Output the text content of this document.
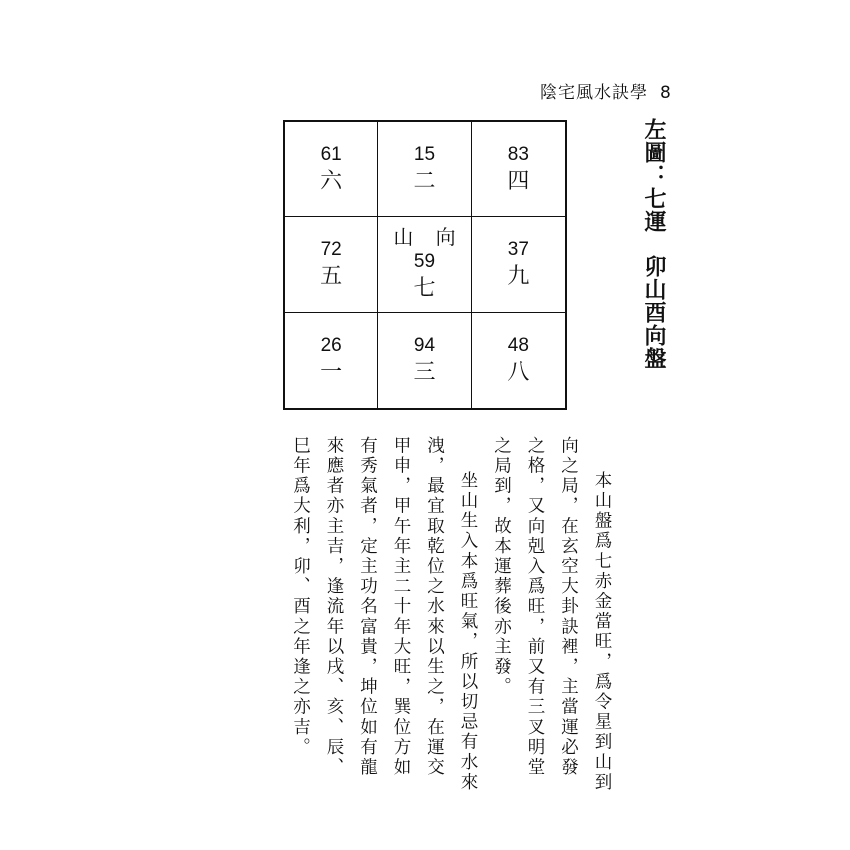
陰宅風水訣學 8
61
六
15
二
83
四
72
五
山 向
59
七
37
九
26
一
94
三
48
八
左圖：七運卯山酉向盤

本山盤爲七赤金當旺，爲令星到山到向之局，在玄空大卦訣裡，主當運必發之格，又向剋入爲旺，前又有三叉明堂之局到，故本運葬後亦主發。

坐山生入本爲旺氣，所以切忌有水來洩，最宜取乾位之水來以生之，在運交甲申，甲午年主二十年大旺，巽位方如有秀氣者，定主功名富貴，坤位如有龍來應者亦主吉，逢流年以戌、亥、辰、巳年爲大利，卯、酉之年逢之亦吉。
